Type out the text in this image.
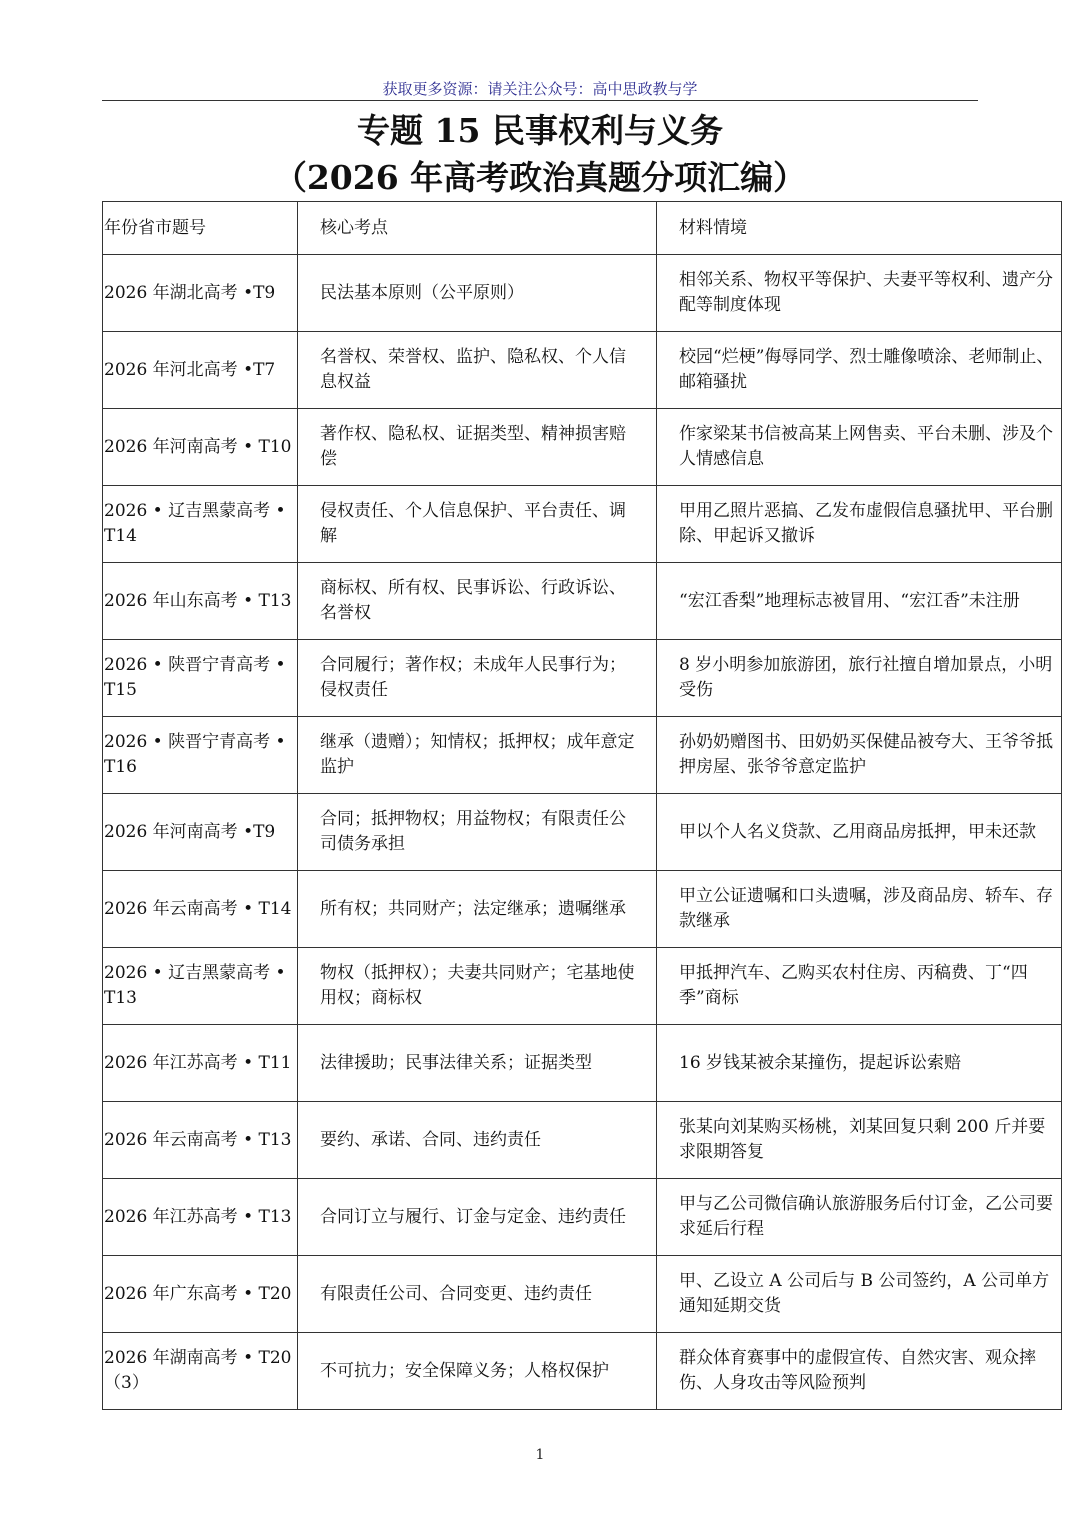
获取更多资源：请关注公众号：高中思政教与学
专题 15 民事权利与义务
（2026 年高考政治真题分项汇编）
年份省市题号	核心考点	材料情境
2026 年湖北高考 •T9	民法基本原则（公平原则）	相邻关系、物权平等保护、夫妻平等权利、遗产分配等制度体现
2026 年河北高考 •T7	名誉权、荣誉权、监护、隐私权、个人信息权益	校园“烂梗”侮辱同学、烈士雕像喷涂、老师制止、邮箱骚扰
2026 年河南高考 • T10	著作权、隐私权、证据类型、精神损害赔偿	作家梁某书信被高某上网售卖、平台未删、涉及个人情感信息
2026 • 辽吉黑蒙高考 • T14	侵权责任、个人信息保护、平台责任、调解	甲用乙照片恶搞、乙发布虚假信息骚扰甲、平台删除、甲起诉又撤诉
2026 年山东高考 • T13	商标权、所有权、民事诉讼、行政诉讼、名誉权	“宏江香梨”地理标志被冒用、“宏江香”未注册
2026 • 陕晋宁青高考 • T15	合同履行；著作权；未成年人民事行为；侵权责任	8 岁小明参加旅游团，旅行社擅自增加景点，小明受伤
2026 • 陕晋宁青高考 • T16	继承（遗赠）；知情权；抵押权；成年意定监护	孙奶奶赠图书、田奶奶买保健品被夸大、王爷爷抵押房屋、张爷爷意定监护
2026 年河南高考 •T9	合同；抵押物权；用益物权；有限责任公司债务承担	甲以个人名义贷款、乙用商品房抵押，甲未还款
2026 年云南高考 • T14	所有权；共同财产；法定继承；遗嘱继承	甲立公证遗嘱和口头遗嘱，涉及商品房、轿车、存款继承
2026 • 辽吉黑蒙高考 • T13	物权（抵押权）；夫妻共同财产；宅基地使用权；商标权	甲抵押汽车、乙购买农村住房、丙稿费、丁“四季”商标
2026 年江苏高考 • T11	法律援助；民事法律关系；证据类型	16 岁钱某被余某撞伤，提起诉讼索赔
2026 年云南高考 • T13	要约、承诺、合同、违约责任	张某向刘某购买杨桃，刘某回复只剩 200 斤并要求限期答复
2026 年江苏高考 • T13	合同订立与履行、订金与定金、违约责任	甲与乙公司微信确认旅游服务后付订金，乙公司要求延后行程
2026 年广东高考 • T20	有限责任公司、合同变更、违约责任	甲、乙设立 A 公司后与 B 公司签约，A 公司单方通知延期交货
2026 年湖南高考 • T20（3）	不可抗力；安全保障义务；人格权保护	群众体育赛事中的虚假宣传、自然灾害、观众摔伤、人身攻击等风险预判
1
